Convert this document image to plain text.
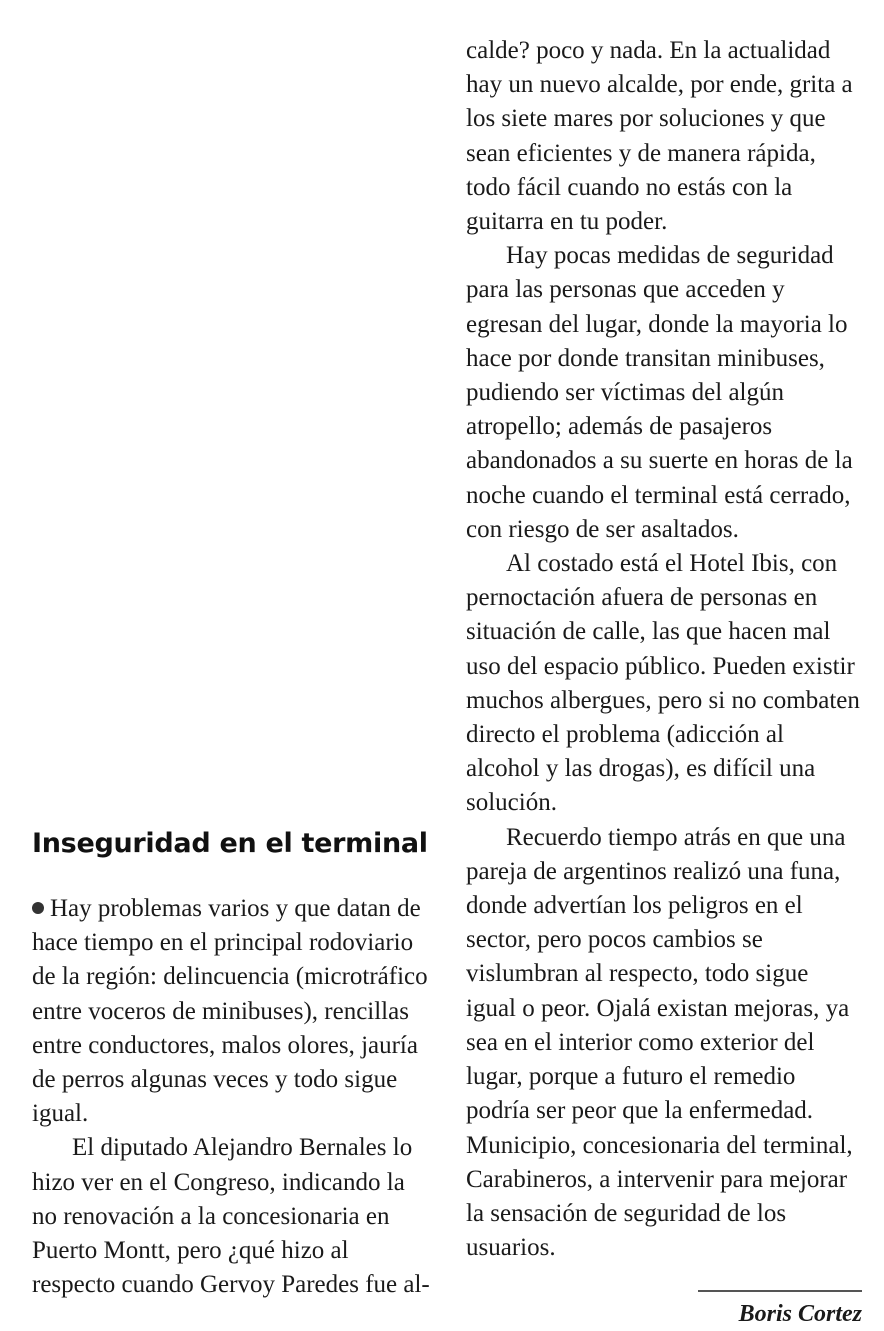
Inseguridad en el terminal

Hay problemas varios y que datan de hace tiempo en el principal rodoviario de la región: delincuencia (microtráfico entre voceros de minibuses), rencillas entre conductores, malos olores, jauría de perros algunas veces y todo sigue igual.

El diputado Alejandro Bernales lo hizo ver en el Congreso, indicando la no renovación a la concesionaria en Puerto Montt, pero ¿qué hizo al respecto cuando Gervoy Paredes fue al-

calde? poco y nada. En la actualidad hay un nuevo alcalde, por ende, grita a los siete mares por soluciones y que sean eficientes y de manera rápida, todo fácil cuando no estás con la guitarra en tu poder.

Hay pocas medidas de seguridad para las personas que acceden y egresan del lugar, donde la mayoria lo hace por donde transitan minibuses, pudiendo ser víctimas del algún atropello; además de pasajeros abandonados a su suerte en horas de la noche cuando el terminal está cerrado, con riesgo de ser asaltados.

Al costado está el Hotel Ibis, con pernoctación afuera de personas en situación de calle, las que hacen mal uso del espacio público. Pueden existir muchos albergues, pero si no combaten directo el problema (adicción al alcohol y las drogas), es difícil una solución.

Recuerdo tiempo atrás en que una pareja de argentinos realizó una funa, donde advertían los peligros en el sector, pero pocos cambios se vislumbran al respecto, todo sigue igual o peor. Ojalá existan mejoras, ya sea en el interior como exterior del lugar, porque a futuro el remedio podría ser peor que la enfermedad. Municipio, concesionaria del terminal, Carabineros, a intervenir para mejorar la sensación de seguridad de los usuarios.

Boris Cortez
